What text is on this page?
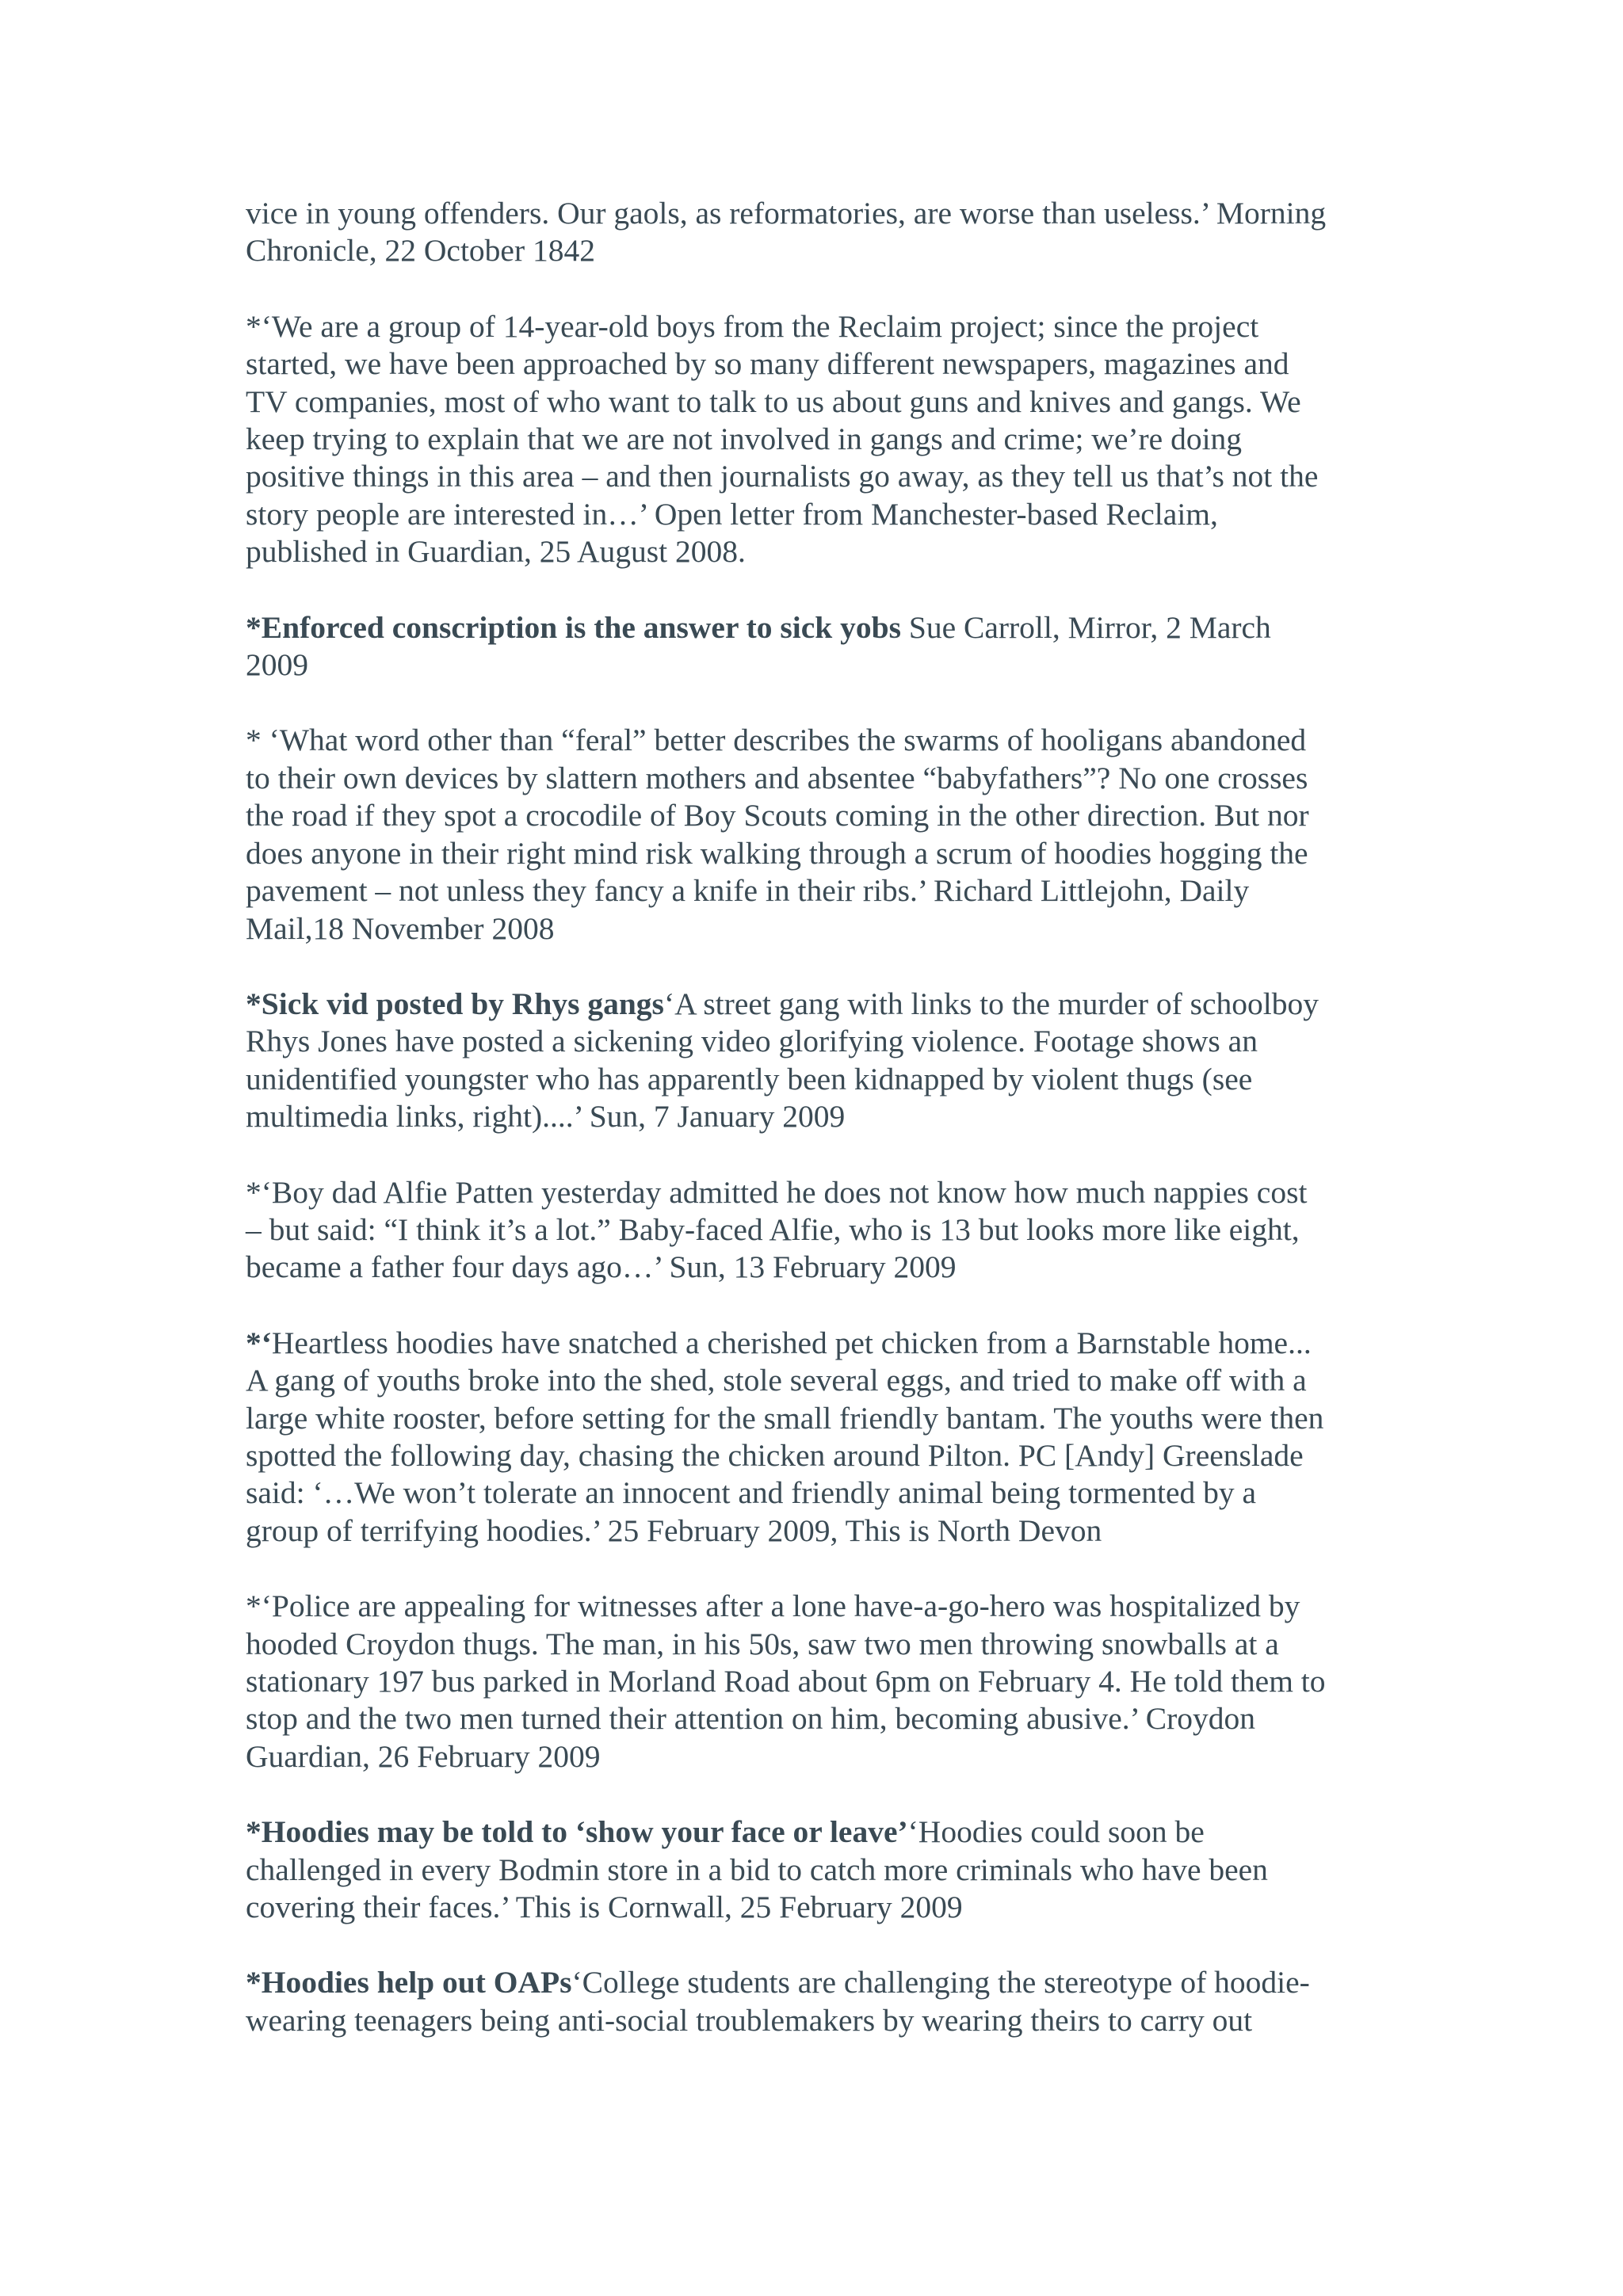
vice in young offenders. Our gaols, as reformatories, are worse than useless.’ Morning
Chronicle, 22 October 1842
*‘We are a group of 14-year-old boys from the Reclaim project; since the project
started, we have been approached by so many different newspapers, magazines and
TV companies, most of who want to talk to us about guns and knives and gangs. We
keep trying to explain that we are not involved in gangs and crime; we’re doing
positive things in this area – and then journalists go away, as they tell us that’s not the
story people are interested in…’ Open letter from Manchester-based Reclaim,
published in Guardian, 25 August 2008.
*Enforced conscription is the answer to sick yobs Sue Carroll, Mirror, 2 March
2009
* ‘What word other than “feral” better describes the swarms of hooligans abandoned
to their own devices by slattern mothers and absentee “babyfathers”? No one crosses
the road if they spot a crocodile of Boy Scouts coming in the other direction. But nor
does anyone in their right mind risk walking through a scrum of hoodies hogging the
pavement – not unless they fancy a knife in their ribs.’ Richard Littlejohn, Daily
Mail,18 November 2008
*Sick vid posted by Rhys gangs‘A street gang with links to the murder of schoolboy
Rhys Jones have posted a sickening video glorifying violence. Footage shows an
unidentified youngster who has apparently been kidnapped by violent thugs (see
multimedia links, right)....’ Sun, 7 January 2009
*‘Boy dad Alfie Patten yesterday admitted he does not know how much nappies cost
– but said: “I think it’s a lot.” Baby-faced Alfie, who is 13 but looks more like eight,
became a father four days ago…’ Sun, 13 February 2009
*‘Heartless hoodies have snatched a cherished pet chicken from a Barnstable home...
A gang of youths broke into the shed, stole several eggs, and tried to make off with a
large white rooster, before setting for the small friendly bantam. The youths were then
spotted the following day, chasing the chicken around Pilton. PC [Andy] Greenslade
said: ‘…We won’t tolerate an innocent and friendly animal being tormented by a
group of terrifying hoodies.’ 25 February 2009, This is North Devon
*‘Police are appealing for witnesses after a lone have-a-go-hero was hospitalized by
hooded Croydon thugs. The man, in his 50s, saw two men throwing snowballs at a
stationary 197 bus parked in Morland Road about 6pm on February 4. He told them to
stop and the two men turned their attention on him, becoming abusive.’ Croydon
Guardian, 26 February 2009
*Hoodies may be told to ‘show your face or leave’‘Hoodies could soon be
challenged in every Bodmin store in a bid to catch more criminals who have been
covering their faces.’ This is Cornwall, 25 February 2009
*Hoodies help out OAPs‘College students are challenging the stereotype of hoodie-
wearing teenagers being anti-social troublemakers by wearing theirs to carry out
